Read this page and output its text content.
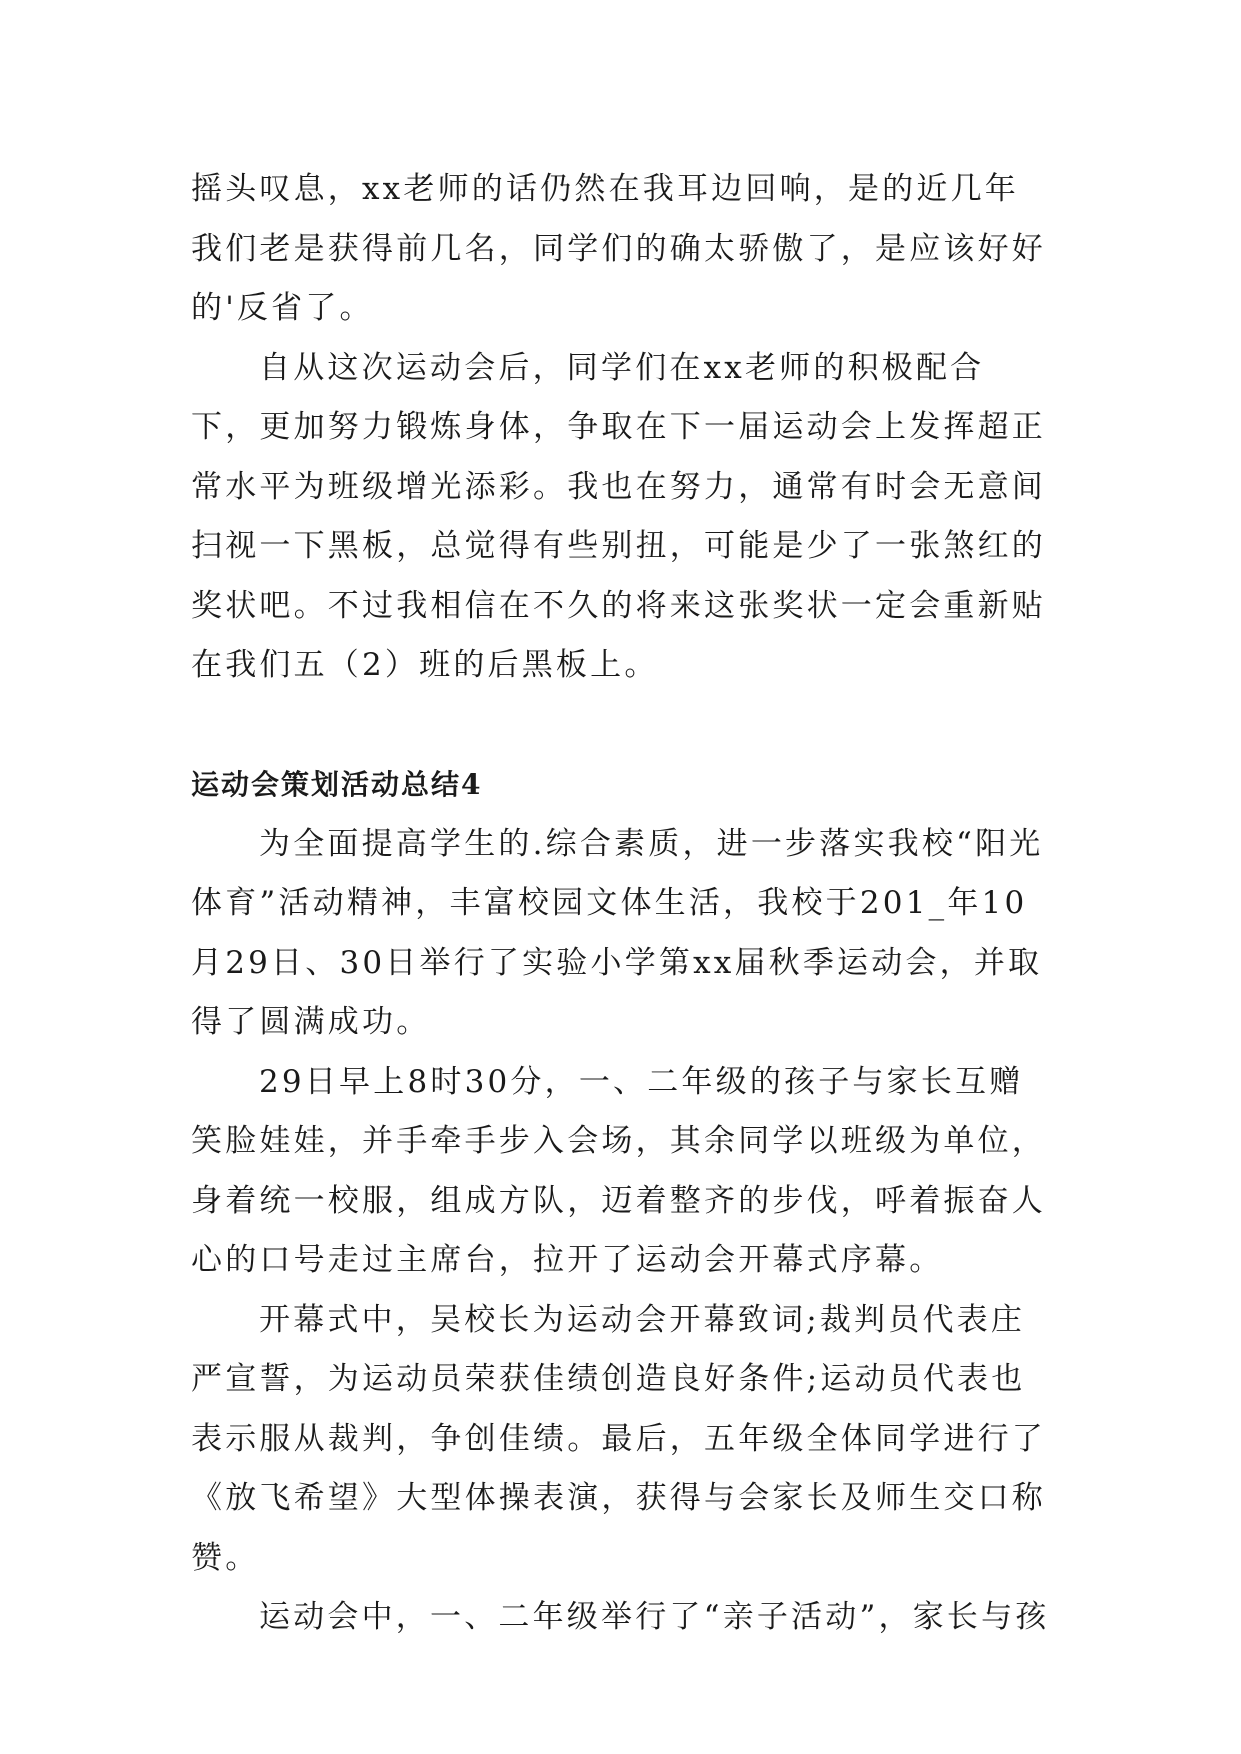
摇头叹息，xx老师的话仍然在我耳边回响，是的近几年我们老是获得前几名，同学们的确太骄傲了，是应该好好的'反省了。

自从这次运动会后，同学们在xx老师的积极配合下，更加努力锻炼身体，争取在下一届运动会上发挥超正常水平为班级增光添彩。我也在努力，通常有时会无意间扫视一下黑板，总觉得有些别扭，可能是少了一张煞红的奖状吧。不过我相信在不久的将来这张奖状一定会重新贴在我们五（2）班的后黑板上。

运动会策划活动总结4

为全面提高学生的.综合素质，进一步落实我校“阳光体育”活动精神，丰富校园文体生活，我校于201_年10月29日、30日举行了实验小学第xx届秋季运动会，并取得了圆满成功。

29日早上8时30分，一、二年级的孩子与家长互赠笑脸娃娃，并手牵手步入会场，其余同学以班级为单位，身着统一校服，组成方队，迈着整齐的步伐，呼着振奋人心的口号走过主席台，拉开了运动会开幕式序幕。

开幕式中，吴校长为运动会开幕致词;裁判员代表庄严宣誓，为运动员荣获佳绩创造良好条件;运动员代表也表示服从裁判，争创佳绩。最后，五年级全体同学进行了《放飞希望》大型体操表演，获得与会家长及师生交口称赞。

运动会中，一、二年级举行了“亲子活动”，家长与孩
